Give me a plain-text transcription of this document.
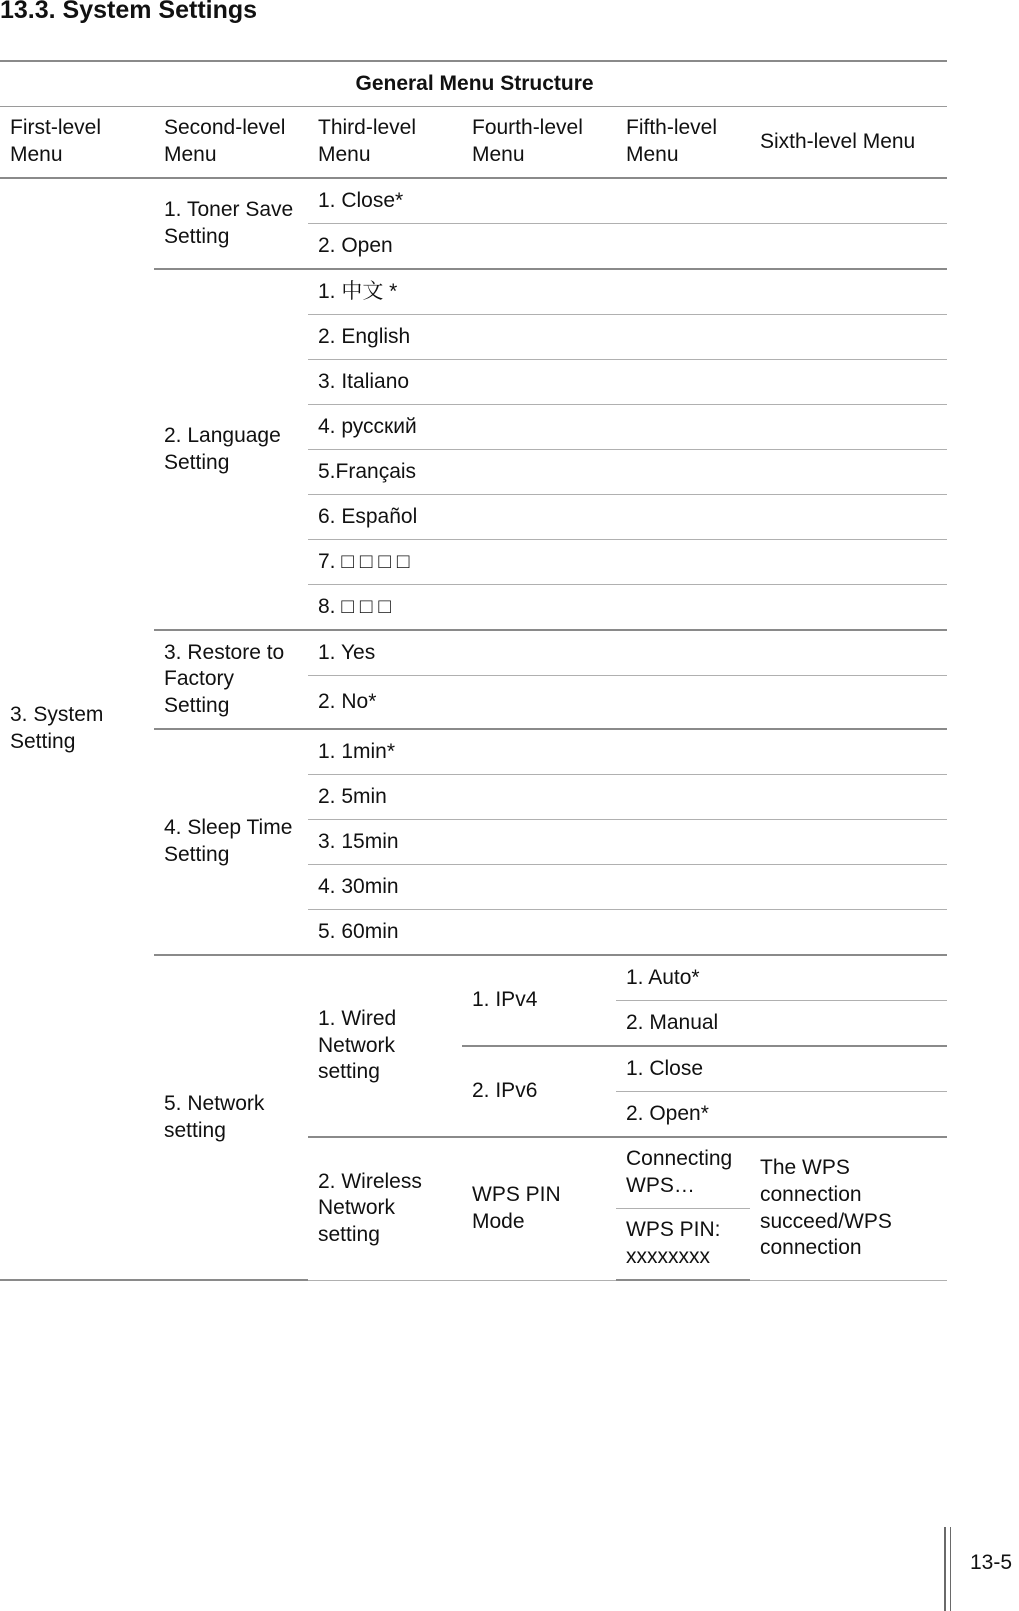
13.3. System Settings
General Menu Structure					
First-level Menu	Second-level Menu	Third-level Menu	Fourth-level Menu	Fifth-level Menu	Sixth-level Menu
3. System Setting	1. Toner Save Setting	1. Close*			
		2. Open			
	2. Language Setting	1. 中文 *			
		2. English			
		3. Italiano			
		4. русский			
		5.Français			
		6. Español			
		7. □ □ □ □			
		8. □ □ □			
	3. Restore to Factory Setting	1. Yes			
		2. No*			
	4. Sleep Time Setting	1. 1min*			
		2. 5min			
		3. 15min			
		4. 30min			
		5. 60min			
	5. Network setting	1. Wired Network setting	1. IPv4	1. Auto*	
				2. Manual	
			2. IPv6	1. Close	
				2. Open*	
		2. Wireless Network setting	WPS PIN Mode	Connecting WPS…	The WPS connection succeed/WPS connection
				WPS PIN: xxxxxxxx	
13-5
